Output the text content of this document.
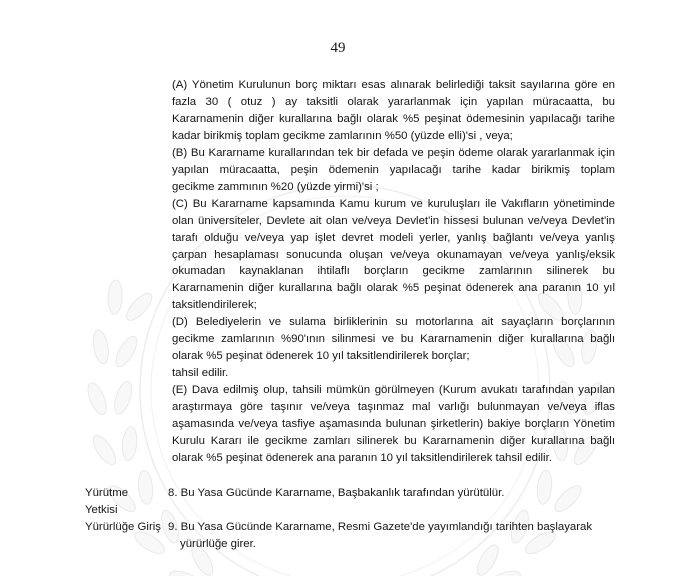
49
(A) Yönetim Kurulunun borç miktarı esas alınarak belirlediği taksit sayılarına göre en
fazla 30 ( otuz ) ay taksitli olarak yararlanmak için yapılan müracaatta, bu
Kararnamenin diğer kurallarına bağlı olarak %5 peşinat ödemesinin yapılacağı tarihe
kadar birikmiş toplam gecikme zamlarının %50 (yüzde elli)'si , veya;
(B) Bu Kararname kurallarından tek bir defada ve peşin ödeme olarak yararlanmak için
yapılan müracaatta, peşin ödemenin yapılacağı tarihe kadar birikmiş toplam
gecikme zammının %20 (yüzde yirmi)'si ;
(C) Bu Kararname kapsamında Kamu kurum ve kuruluşları ile Vakıfların yönetiminde
olan üniversiteler, Devlete ait olan ve/veya Devlet'in hissesi bulunan ve/veya Devlet'in
tarafı olduğu ve/veya yap işlet devret modeli yerler, yanlış bağlantı ve/veya yanlış
çarpan hesaplaması sonucunda oluşan ve/veya okunamayan ve/veya yanlış/eksik
okumadan kaynaklanan ihtilaflı borçların gecikme zamlarının silinerek bu
Kararnamenin diğer kurallarına bağlı olarak %5 peşinat ödenerek ana paranın 10 yıl
taksitlendirilerek;
(D) Belediyelerin ve sulama birliklerinin su motorlarına ait sayaçların borçlarının
gecikme zamlarının %90'ının silinmesi ve bu Kararnamenin diğer kurallarına bağlı
olarak %5 peşinat ödenerek 10 yıl taksitlendirilerek borçlar;
tahsil edilir.
(E) Dava edilmiş olup, tahsili mümkün görülmeyen (Kurum avukatı tarafından yapılan
araştırmaya göre taşınır ve/veya taşınmaz mal varlığı bulunmayan ve/veya iflas
aşamasında ve/veya tasfiye aşamasında bulunan şirketlerin) bakiye borçların Yönetim
Kurulu Kararı ile gecikme zamları silinerek bu Kararnamenin diğer kurallarına bağlı
olarak %5 peşinat ödenerek ana paranın 10 yıl taksitlendirilerek tahsil edilir.
Yürütme
Yetkisi
8. Bu Yasa Gücünde Kararname, Başbakanlık tarafından yürütülür.
Yürürlüğe Giriş 9. Bu Yasa Gücünde Kararname, Resmi Gazete'de yayımlandığı tarihten başlayarak
yürürlüğe girer.
